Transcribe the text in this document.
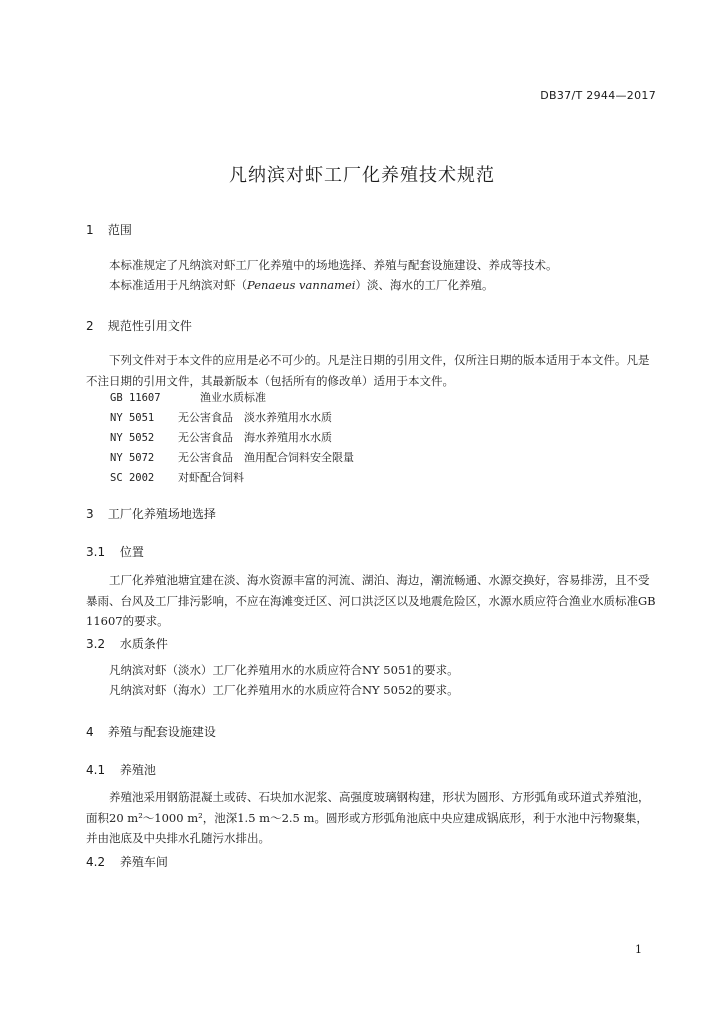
DB37/T 2944—2017
凡纳滨对虾工厂化养殖技术规范
1 范围
本标准规定了凡纳滨对虾工厂化养殖中的场地选择、养殖与配套设施建设、养成等技术。
本标准适用于凡纳滨对虾（Penaeus vannamei）淡、海水的工厂化养殖。
2 规范性引用文件
下列文件对于本文件的应用是必不可少的。凡是注日期的引用文件，仅所注日期的版本适用于本文件。凡是不注日期的引用文件，其最新版本（包括所有的修改单）适用于本文件。
GB 11607	渔业水质标准
NY 5051 无公害食品　淡水养殖用水水质
NY 5052 无公害食品　海水养殖用水水质
NY 5072 无公害食品　渔用配合饲料安全限量
SC 2002 对虾配合饲料
3 工厂化养殖场地选择
3.1 位置
工厂化养殖池塘宜建在淡、海水资源丰富的河流、湖泊、海边，潮流畅通、水源交换好，容易排涝，且不受暴雨、台风及工厂排污影响，不应在海滩变迁区、河口洪泛区以及地震危险区，水源水质应符合渔业水质标准GB 11607的要求。
3.2 水质条件
凡纳滨对虾（淡水）工厂化养殖用水的水质应符合NY 5051的要求。
凡纳滨对虾（海水）工厂化养殖用水的水质应符合NY 5052的要求。
4 养殖与配套设施建设
4.1 养殖池
养殖池采用钢筋混凝土或砖、石块加水泥浆、高强度玻璃钢构建，形状为圆形、方形弧角或环道式养殖池，面积20 m²～1000 m²，池深1.5 m～2.5 m。圆形或方形弧角池底中央应建成锅底形，利于水池中污物聚集，并由池底及中央排水孔随污水排出。
4.2 养殖车间
1
